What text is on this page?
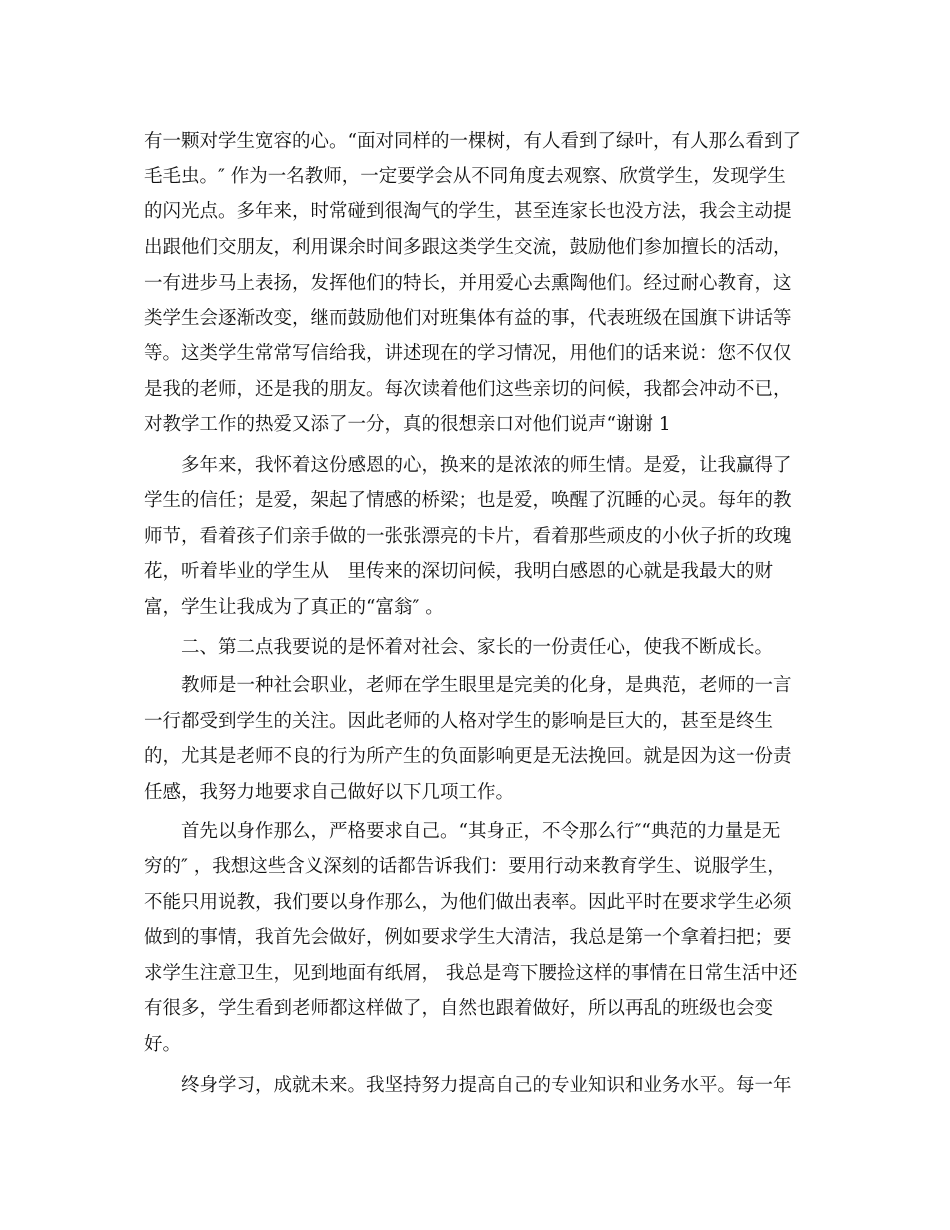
有一颗对学生宽容的心。“面对同样的一棵树，有人看到了绿叶，有人那么看到了

毛毛虫。″ 作为一名教师，一定要学会从不同角度去观察、欣赏学生，发现学生

的闪光点。多年来，时常碰到很淘气的学生，甚至连家长也没方法，我会主动提

出跟他们交朋友，利用课余时间多跟这类学生交流，鼓励他们参加擅长的活动，

一有进步马上表扬，发挥他们的特长，并用爱心去熏陶他们。经过耐心教育，这

类学生会逐渐改变，继而鼓励他们对班集体有益的事，代表班级在国旗下讲话等

等。这类学生常常写信给我，讲述现在的学习情况，用他们的话来说：您不仅仅

是我的老师，还是我的朋友。每次读着他们这些亲切的问候，我都会冲动不已，

对教学工作的热爱又添了一分，真的很想亲口对他们说声“谢谢 1

多年来，我怀着这份感恩的心，换来的是浓浓的师生情。是爱，让我赢得了

学生的信任；是爱，架起了情感的桥梁；也是爱，唤醒了沉睡的心灵。每年的教

师节，看着孩子们亲手做的一张张漂亮的卡片，看着那些顽皮的小伙子折的玫瑰

花，听着毕业的学生从　里传来的深切问候，我明白感恩的心就是我最大的财

富，学生让我成为了真正的“富翁″ 。

二、第二点我要说的是怀着对社会、家长的一份责任心，使我不断成长。

教师是一种社会职业，老师在学生眼里是完美的化身，是典范，老师的一言

一行都受到学生的关注。因此老师的人格对学生的影响是巨大的，甚至是终生

的，尤其是老师不良的行为所产生的负面影响更是无法挽回。就是因为这一份责

任感，我努力地要求自己做好以下几项工作。

首先以身作那么，严格要求自己。“其身正，不令那么行″“典范的力量是无

穷的″ ，我想这些含义深刻的话都告诉我们：要用行动来教育学生、说服学生，

不能只用说教，我们要以身作那么，为他们做出表率。因此平时在要求学生必须

做到的事情，我首先会做好，例如要求学生大清洁，我总是第一个拿着扫把；要

求学生注意卫生，见到地面有纸屑， 我总是弯下腰捡这样的事情在日常生活中还

有很多，学生看到老师都这样做了，自然也跟着做好，所以再乱的班级也会变

好。

终身学习，成就未来。我坚持努力提高自己的专业知识和业务水平。每一年
